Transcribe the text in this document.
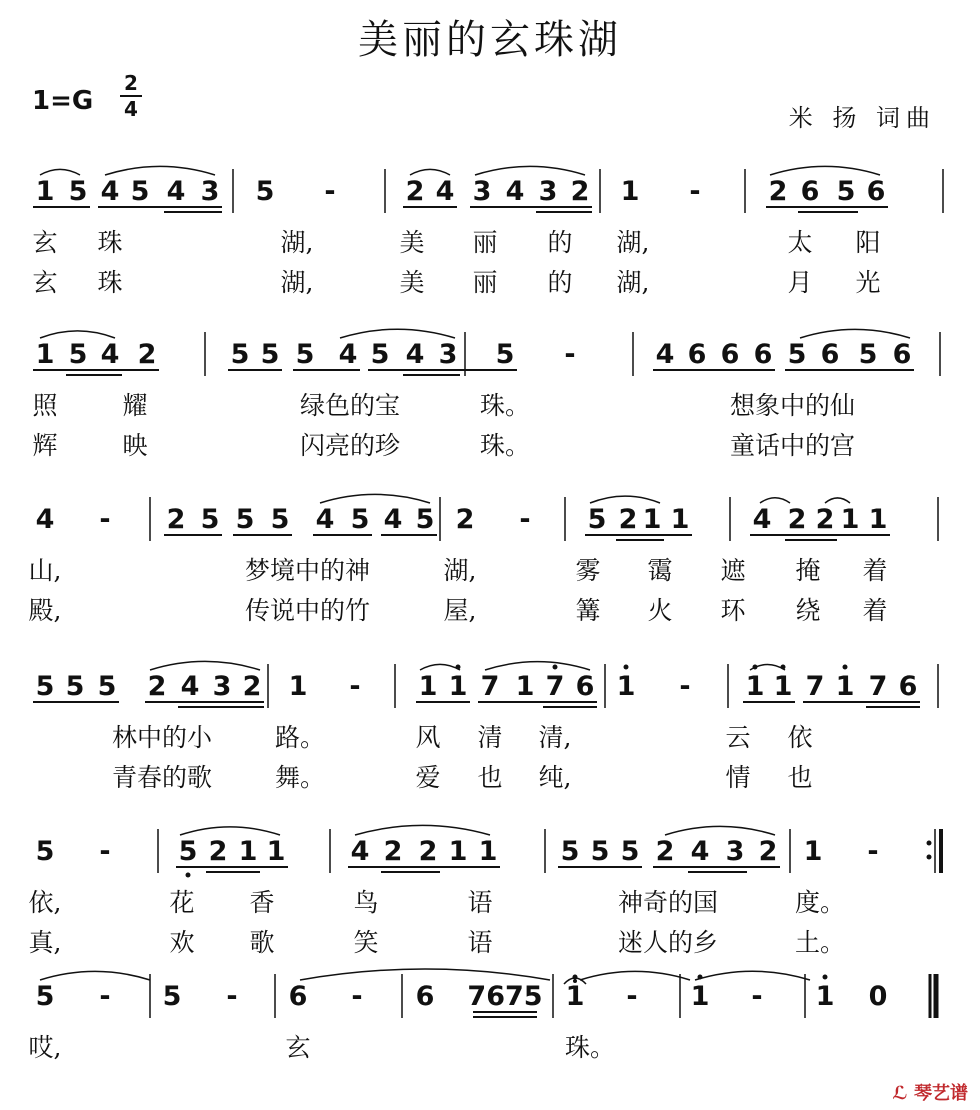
美丽的玄珠湖
1=G
2
4	米 扬 词曲
1 5 4 5 4 3 5 -	2 4 3 4 3 2 1 -	2 6 5 6
玄 珠	湖,	美 丽 的 湖,	太 阳
玄 珠	湖,	美 丽 的 湖,	月 光
1 5 4 2	5 5 5 4 5 4 3 5 -	4 6 6 6 5 6 5 6
照	耀	绿色的宝	珠。	想象中的仙
辉	映	闪亮的珍	珠。	童话中的宫
4 - 2 5 5 5 4 5 4 5 2 - 5 2 1 1 4 2 2 1 1
山,	梦境中的神	湖,	雾 霭 遮 掩 着
殿,	传说中的竹	屋,	篝 火 环 绕 着
5 5 5 2 4 3 2 1 - 1 1 7 1 7 6 1 - 1 1 7 1 7 6
林中的小	路。	风 清 清,	云 依
青春的歌	舞。	爱 也 纯,	情 也
5 -	5 2 1 1 4 2 2 1 1 5 5 5 2 4 3 2 1 -
依,	花 香	鸟	语	神奇的国	度。
真,	欢 歌	笑	语	迷人的乡	土。
5 - 5 - 6 - 6 7675 1 - 1 - 1 0
哎,	玄	珠。
ℒ 琴艺谱
